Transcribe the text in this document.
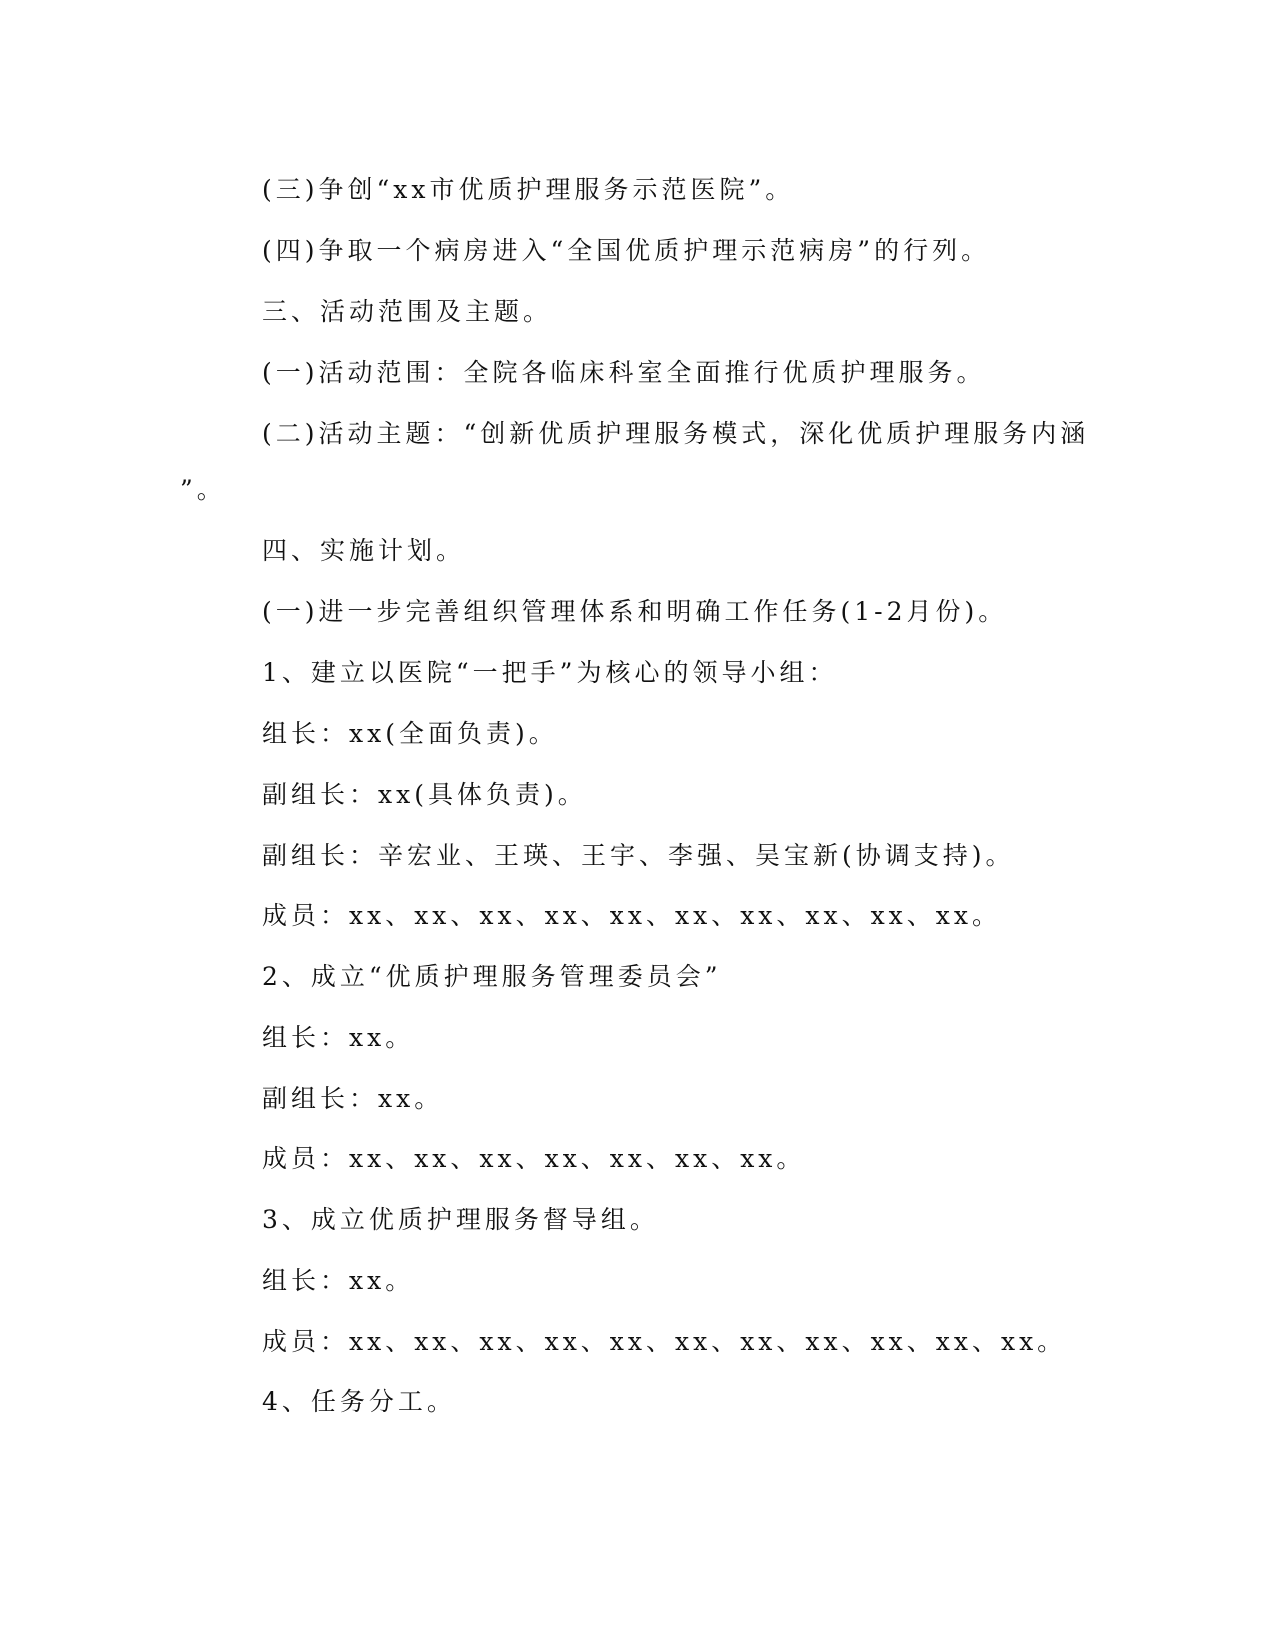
(三)争创“xx市优质护理服务示范医院”。
(四)争取一个病房进入“全国优质护理示范病房”的行列。
三、活动范围及主题。
(一)活动范围：全院各临床科室全面推行优质护理服务。
(二)活动主题：“创新优质护理服务模式，深化优质护理服务内涵
”。
四、实施计划。
(一)进一步完善组织管理体系和明确工作任务(1-2月份)。
1、建立以医院“一把手”为核心的领导小组：
组长：xx(全面负责)。
副组长：xx(具体负责)。
副组长：辛宏业、王瑛、王宇、李强、吴宝新(协调支持)。
成员：xx、xx、xx、xx、xx、xx、xx、xx、xx、xx。
2、成立“优质护理服务管理委员会”
组长：xx。
副组长：xx。
成员：xx、xx、xx、xx、xx、xx、xx。
3、成立优质护理服务督导组。
组长：xx。
成员：xx、xx、xx、xx、xx、xx、xx、xx、xx、xx、xx。
4、任务分工。
